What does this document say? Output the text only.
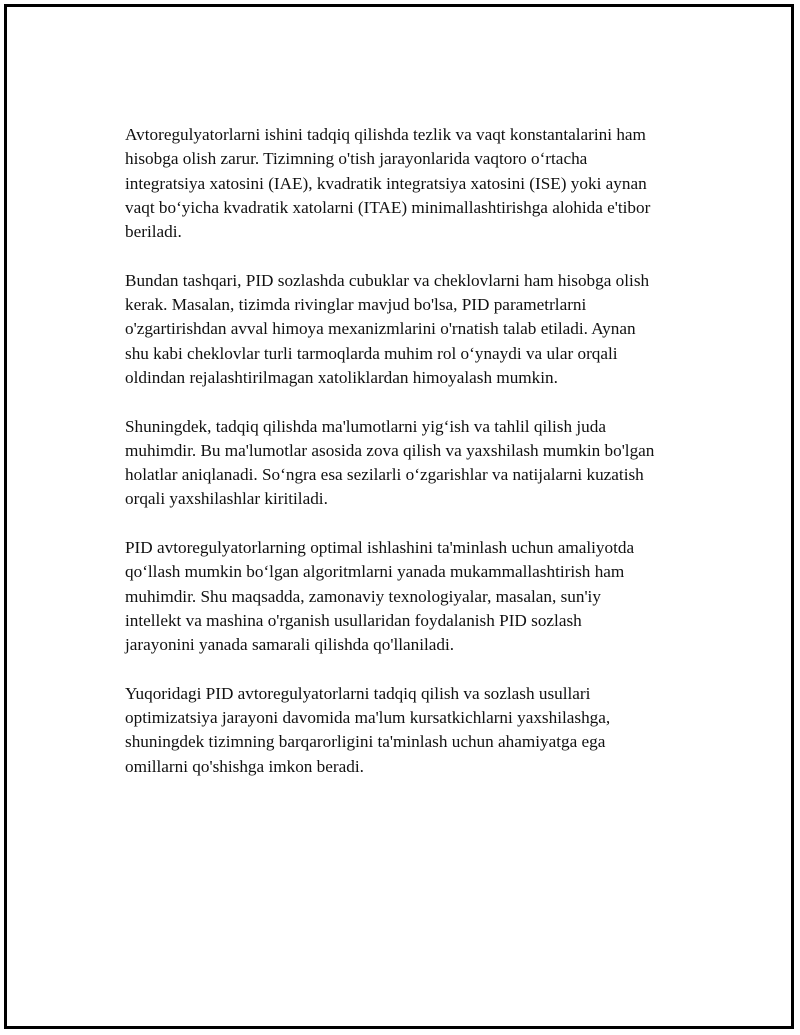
Avtoregulyatorlarni ishini tadqiq qilishda tezlik va vaqt konstantalarini ham
hisobga olish zarur. Tizimning o'tish jarayonlarida vaqtoro o‘rtacha
integratsiya xatosini (IAE), kvadratik integratsiya xatosini (ISE) yoki aynan
vaqt bo‘yicha kvadratik xatolarni (ITAE) minimallashtirishga alohida e'tibor
beriladi.

Bundan tashqari, PID sozlashda cubuklar va cheklovlarni ham hisobga olish
kerak. Masalan, tizimda rivinglar mavjud bo'lsa, PID parametrlarni
o'zgartirishdan avval himoya mexanizmlarini o'rnatish talab etiladi. Aynan
shu kabi cheklovlar turli tarmoqlarda muhim rol o‘ynaydi va ular orqali
oldindan rejalashtirilmagan xatoliklardan himoyalash mumkin.

Shuningdek, tadqiq qilishda ma'lumotlarni yig‘ish va tahlil qilish juda
muhimdir. Bu ma'lumotlar asosida zova qilish va yaxshilash mumkin bo'lgan
holatlar aniqlanadi. So‘ngra esa sezilarli o‘zgarishlar va natijalarni kuzatish
orqali yaxshilashlar kiritiladi.

PID avtoregulyatorlarning optimal ishlashini ta'minlash uchun amaliyotda
qo‘llash mumkin bo‘lgan algoritmlarni yanada mukammallashtirish ham
muhimdir. Shu maqsadda, zamonaviy texnologiyalar, masalan, sun'iy
intellekt va mashina o'rganish usullaridan foydalanish PID sozlash
jarayonini yanada samarali qilishda qo'llaniladi.

Yuqoridagi PID avtoregulyatorlarni tadqiq qilish va sozlash usullari
optimizatsiya jarayoni davomida ma'lum kursatkichlarni yaxshilashga,
shuningdek tizimning barqarorligini ta'minlash uchun ahamiyatga ega
omillarni qo'shishga imkon beradi.
